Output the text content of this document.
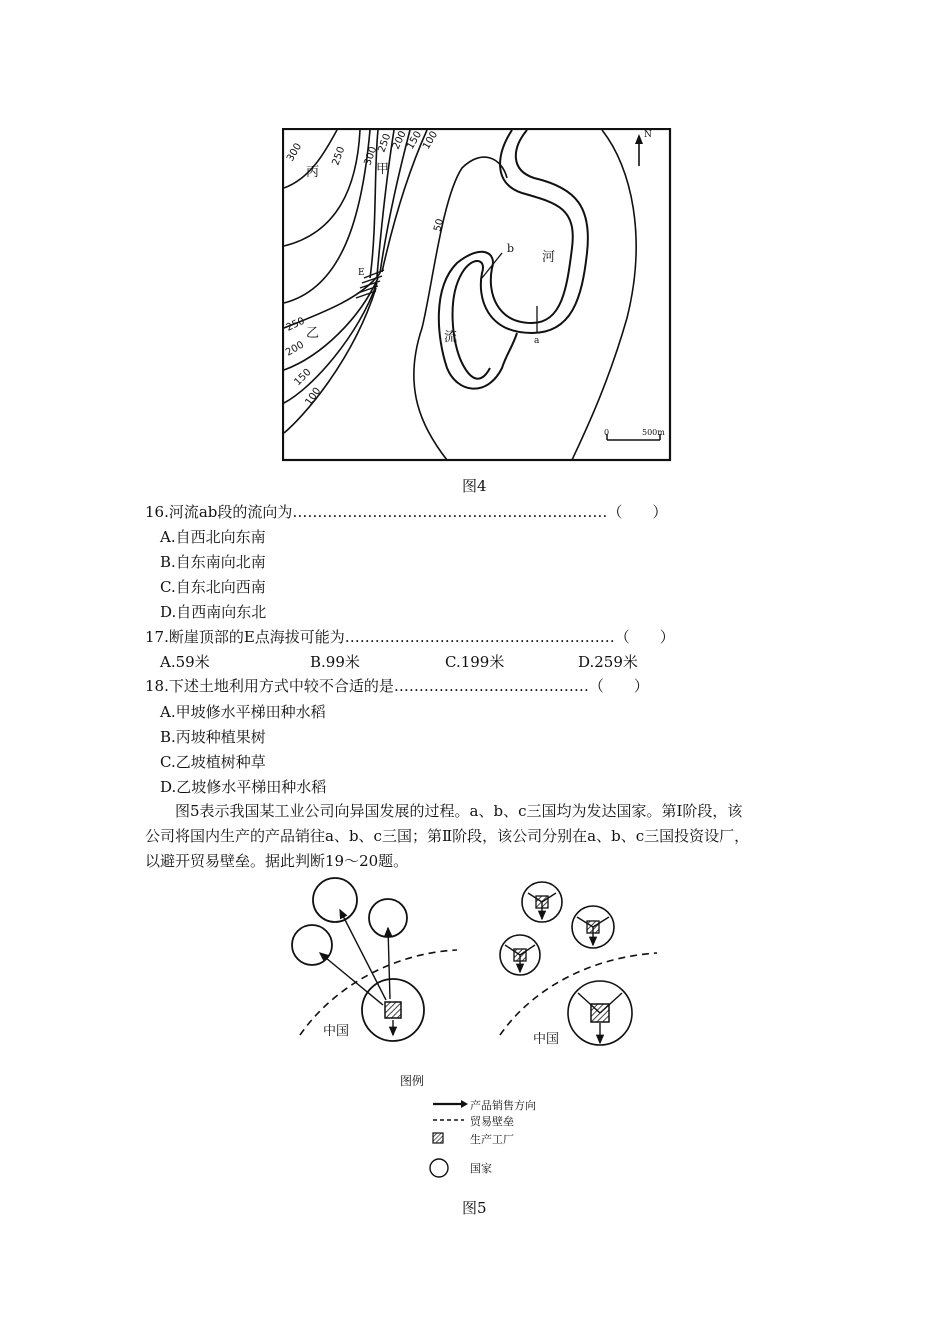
300	250 300
250
200
150
100
250
200
150
100
50
丙	甲
乙
河
流	a
b
E
N
0	500m
图4
16.河流ab段的流向为………………………………………………………（　　）
A.自西北向东南
B.自东南向北南
C.自东北向西南
D.自西南向东北
17.断崖顶部的E点海拔可能为………………………………………………（　　）
A.59米	B.99米	C.199米	D.259米
18.下述土地利用方式中较不合适的是…………………………………（　　）
A.甲坡修水平梯田种水稻
B.丙坡种植果树
C.乙坡植树种草
D.乙坡修水平梯田种水稻
图5表示我国某工业公司向异国发展的过程。a、b、c三国均为发达国家。第Ⅰ阶段，该
公司将国内生产的产品销往a、b、c三国；第Ⅱ阶段，该公司分别在a、b、c三国投资设厂，
以避开贸易壁垒。据此判断19～20题。
中国
中国
图例
产品销售方向
贸易壁垒
生产工厂
国家
图5
